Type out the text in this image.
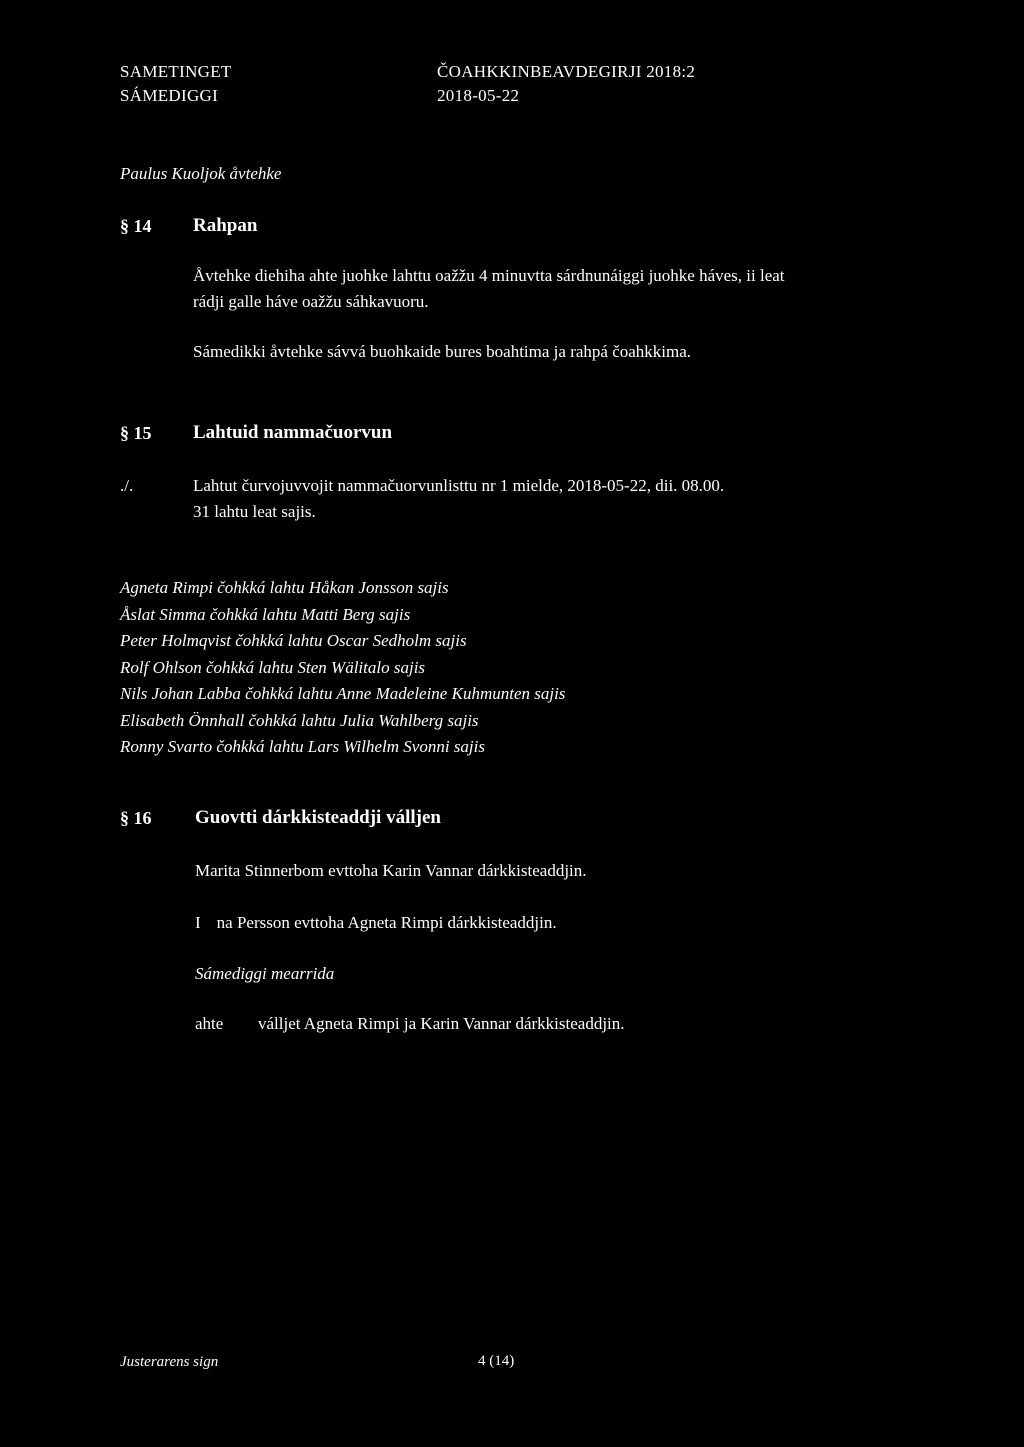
SAMETINGET
SÁMEDIGGI
ČOAHKKINBEAVDEGIRJI 2018:2
2018-05-22
Paulus Kuoljok åvtehke
§ 14 Rahpan
Åvtehke diehiha ahte juohke lahttu oažžu 4 minuvtta sárdnunáiggi juohke háves, ii leat
rádji galle háve oažžu sáhkavuoru.
Sámedikki åvtehke sávvá buohkaide bures boahtima ja rahpá čoahkkima.
§ 15 Lahtuid nammačuorvun
./.	Lahtut čurvojuvvojit nammačuorvunlisttu nr 1 mielde, 2018-05-22, dii. 08.00.
31 lahtu leat sajis.
Agneta Rimpi čohkká lahtu Håkan Jonsson sajis
Åslat Simma čohkká lahtu Matti Berg sajis
Peter Holmqvist čohkká lahtu Oscar Sedholm sajis
Rolf Ohlson čohkká lahtu Sten Wälitalo sajis
Nils Johan Labba čohkká lahtu Anne Madeleine Kuhmunten sajis
Elisabeth Önnhall čohkká lahtu Julia Wahlberg sajis
Ronny Svarto čohkká lahtu Lars Wilhelm Svonni sajis
§ 16 Guovtti dárkkisteaddji válljen
Marita Stinnerbom evttoha Karin Vannar dárkkisteaddjin.
I na Persson evttoha Agneta Rimpi dárkkisteaddjin.
Sámediggi mearrida
ahte válljet Agneta Rimpi ja Karin Vannar dárkkisteaddjin.
Justerarens sign	4 (14)
